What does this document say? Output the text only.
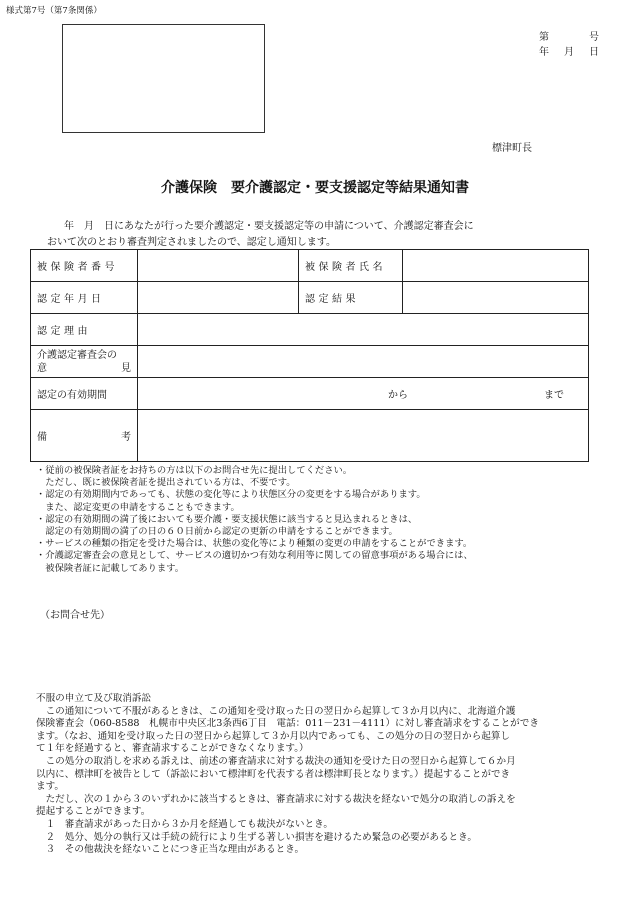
様式第7号（第7条関係）
第	号
年 月 日
標津町長
介護保険　要介護認定・要支援認定等結果通知書
年　月　日にあなたが行った要介護認定・要支援認定等の申請について、介護認定審査会に
おいて次のとおり審査判定されましたので、認定し通知します。
被保険者番号		被保険者氏名	
認定年月日		認定結果	
認定理由			

介護認定審査会の
意 見			

認定の有効期間	から まで		

備 考			

・従前の被保険者証をお持ちの方は以下のお問合せ先に提出してください。
　ただし、既に被保険者証を提出されている方は、不要です。
・認定の有効期間内であっても、状態の変化等により状態区分の変更をする場合があります。
　また、認定変更の申請をすることもできます。
・認定の有効期間の満了後においても要介護・要支援状態に該当すると見込まれるときは、
　認定の有効期間の満了の日の６０日前から認定の更新の申請をすることができます。
・サービスの種類の指定を受けた場合は、状態の変化等により種類の変更の申請をすることができます。
・介護認定審査会の意見として、サービスの適切かつ有効な利用等に関しての留意事項がある場合には、
　被保険者証に記載してあります。
（お問合せ先）
不服の申立て及び取消訴訟
　この通知について不服があるときは、この通知を受け取った日の翌日から起算して３か月以内に、北海道介護
保険審査会（060-8588　札幌市中央区北3条西6丁目　電話：011－231－4111）に対し審査請求をすることができ
ます。（なお、通知を受け取った日の翌日から起算して３か月以内であっても、この処分の日の翌日から起算し
て１年を経過すると、審査請求することができなくなります。）
　この処分の取消しを求める訴えは、前述の審査請求に対する裁決の通知を受けた日の翌日から起算して６か月
以内に、標津町を被告として（訴訟において標津町を代表する者は標津町長となります。）提起することができ
ます。
　ただし、次の１から３のいずれかに該当するときは、審査請求に対する裁決を経ないで処分の取消しの訴えを
提起することができます。
　１　審査請求があった日から３か月を経過しても裁決がないとき。
　２　処分、処分の執行又は手続の続行により生ずる著しい損害を避けるため緊急の必要があるとき。
　３　その他裁決を経ないことにつき正当な理由があるとき。
